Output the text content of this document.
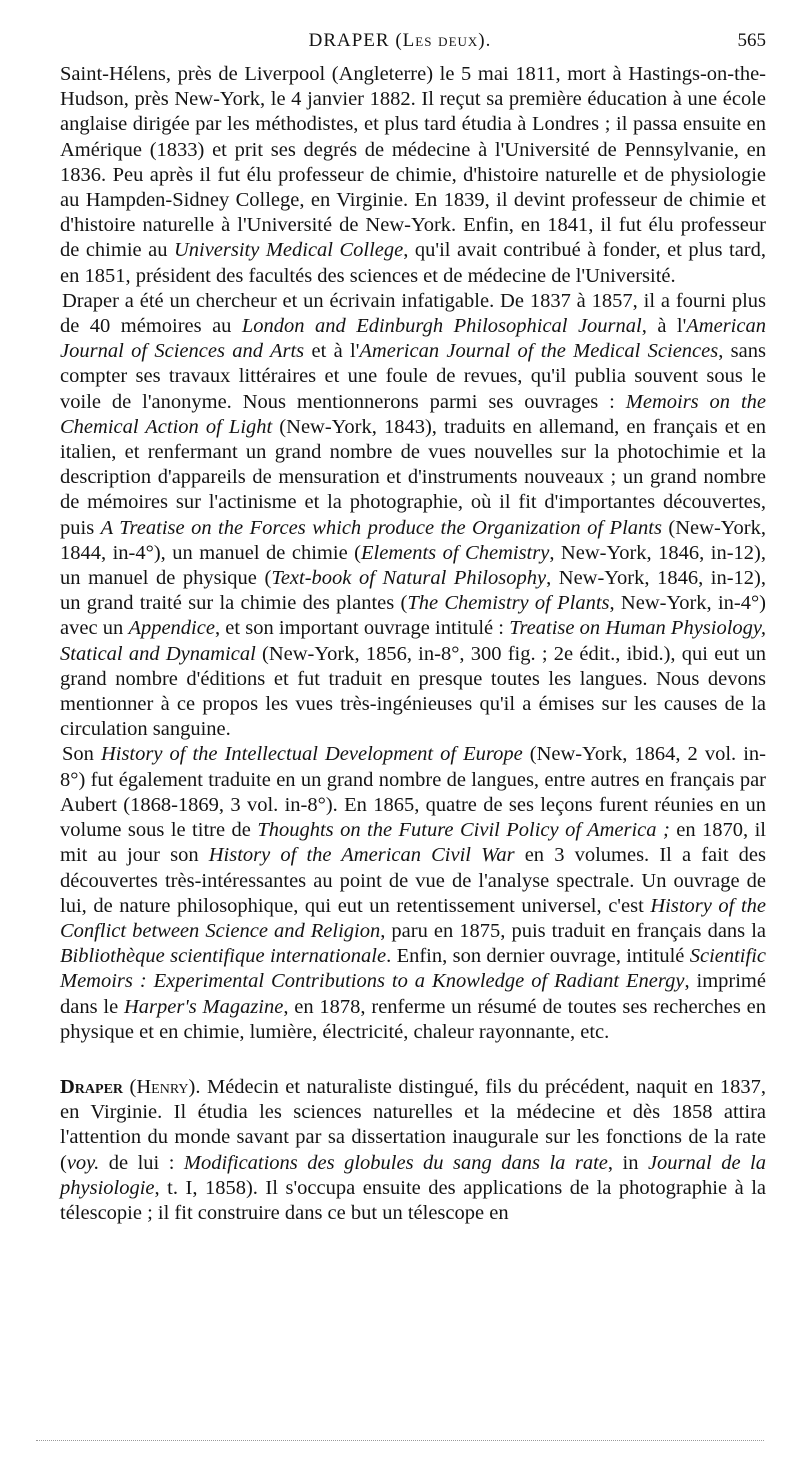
DRAPER (Les deux).	565

Saint-Hélens, près de Liverpool (Angleterre) le 5 mai 1811, mort à Hastings-on-the-Hudson, près New-York, le 4 janvier 1882. Il reçut sa première éducation à une école anglaise dirigée par les méthodistes, et plus tard étudia à Londres ; il passa ensuite en Amérique (1833) et prit ses degrés de médecine à l'Université de Pennsylvanie, en 1836. Peu après il fut élu professeur de chimie, d'histoire naturelle et de physiologie au Hampden-Sidney College, en Virginie. En 1839, il devint professeur de chimie et d'histoire naturelle à l'Université de New-York. Enfin, en 1841, il fut élu professeur de chimie au University Medical College, qu'il avait contribué à fonder, et plus tard, en 1851, président des facultés des sciences et de médecine de l'Université.

Draper a été un chercheur et un écrivain infatigable. De 1837 à 1857, il a fourni plus de 40 mémoires au London and Edinburgh Philosophical Journal, à l'American Journal of Sciences and Arts et à l'American Journal of the Medical Sciences, sans compter ses travaux littéraires et une foule de revues, qu'il publia souvent sous le voile de l'anonyme. Nous mentionnerons parmi ses ouvrages : Memoirs on the Chemical Action of Light (New-York, 1843), traduits en allemand, en français et en italien, et renfermant un grand nombre de vues nouvelles sur la photochimie et la description d'appareils de mensuration et d'instruments nouveaux ; un grand nombre de mémoires sur l'actinisme et la photographie, où il fit d'importantes découvertes, puis A Treatise on the Forces which produce the Organization of Plants (New-York, 1844, in-4°), un manuel de chimie (Elements of Chemistry, New-York, 1846, in-12), un manuel de physique (Text-book of Natural Philosophy, New-York, 1846, in-12), un grand traité sur la chimie des plantes (The Chemistry of Plants, New-York, in-4°) avec un Appendice, et son important ouvrage intitulé : Treatise on Human Physiology, Statical and Dynamical (New-York, 1856, in-8°, 300 fig. ; 2e édit., ibid.), qui eut un grand nombre d'éditions et fut traduit en presque toutes les langues. Nous devons mentionner à ce propos les vues très-ingénieuses qu'il a émises sur les causes de la circulation sanguine.

Son History of the Intellectual Development of Europe (New-York, 1864, 2 vol. in-8°) fut également traduite en un grand nombre de langues, entre autres en français par Aubert (1868-1869, 3 vol. in-8°). En 1865, quatre de ses leçons furent réunies en un volume sous le titre de Thoughts on the Future Civil Policy of America ; en 1870, il mit au jour son History of the American Civil War en 3 volumes. Il a fait des découvertes très-intéressantes au point de vue de l'analyse spectrale. Un ouvrage de lui, de nature philosophique, qui eut un retentissement universel, c'est History of the Conflict between Science and Religion, paru en 1875, puis traduit en français dans la Bibliothèque scientifique internationale. Enfin, son dernier ouvrage, intitulé Scientific Memoirs : Experimental Contributions to a Knowledge of Radiant Energy, imprimé dans le Harper's Magazine, en 1878, renferme un résumé de toutes ses recherches en physique et en chimie, lumière, électricité, chaleur rayonnante, etc.

Draper (Henry). Médecin et naturaliste distingué, fils du précédent, naquit en 1837, en Virginie. Il étudia les sciences naturelles et la médecine et dès 1858 attira l'attention du monde savant par sa dissertation inaugurale sur les fonctions de la rate (voy. de lui : Modifications des globules du sang dans la rate, in Journal de la physiologie, t. I, 1858). Il s'occupa ensuite des applications de la photographie à la télescopie ; il fit construire dans ce but un télescope en
